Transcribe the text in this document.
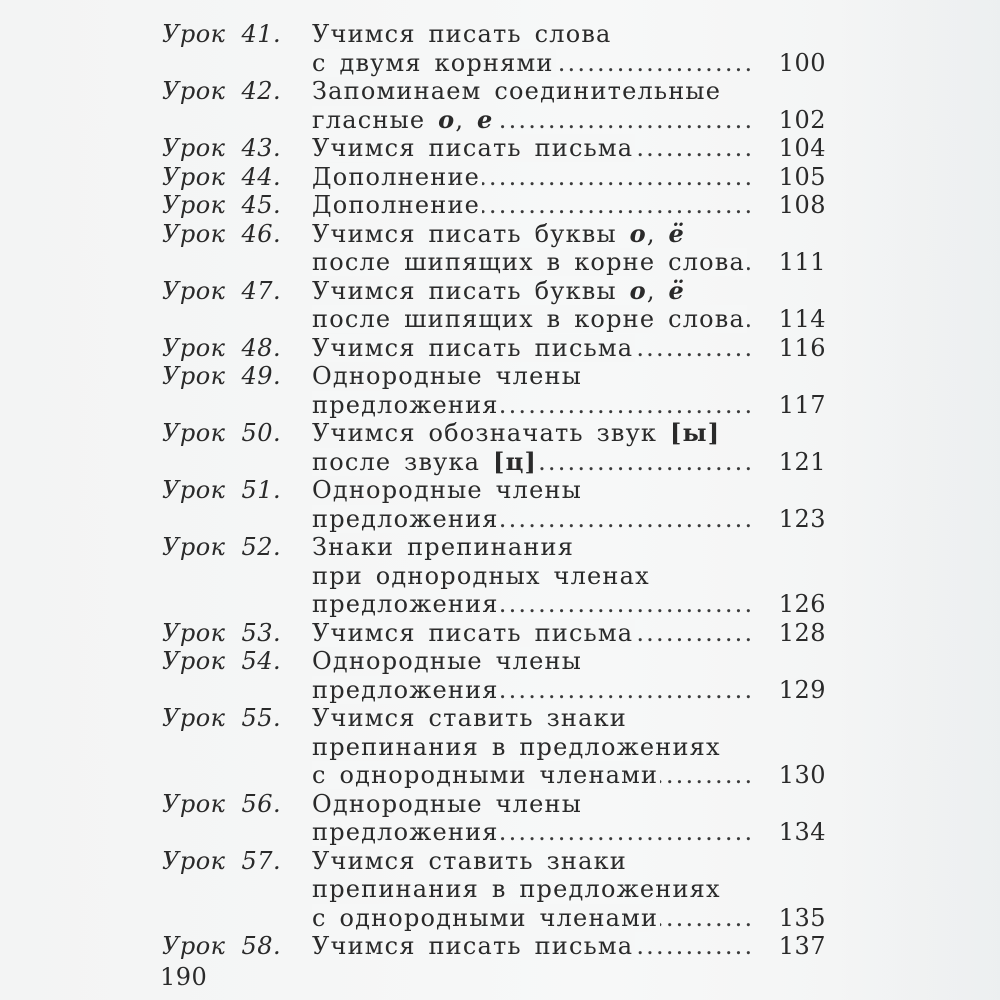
Урок 41. Учимся писать слова
.....
с двумя корнями	100
Урок 42. Запоминаем соединительные
.....
гласные о, е	102
Урок 43. ..... Учимся писать письма	104
Урок 44. ..... Дополнение	105
Урок 45. ..... Дополнение	108
Урок 46. Учимся писать буквы о, ё
.....
после шипящих в корне слова	111
Урок 47. Учимся писать буквы о, ё
.....
после шипящих в корне слова	114
Урок 48. ..... Учимся писать письма	116
Урок 49. Однородные члены
.....
предложения	117
Урок 50. Учимся обозначать звук [ы]
.....
после звука [ц]	121
Урок 51. Однородные члены
.....
предложения	123
Урок 52. Знаки препинания
при однородных членах
.....
предложения	126
Урок 53. ..... Учимся писать письма	128
Урок 54. Однородные члены
.....
предложения	129
Урок 55. Учимся ставить знаки
препинания в предложениях
.....
с однородными членами	130
Урок 56. Однородные члены
.....
предложения	134
Урок 57. Учимся ставить знаки
препинания в предложениях
.....
с однородными членами	135
Урок 58. ..... Учимся писать письма	137
190
